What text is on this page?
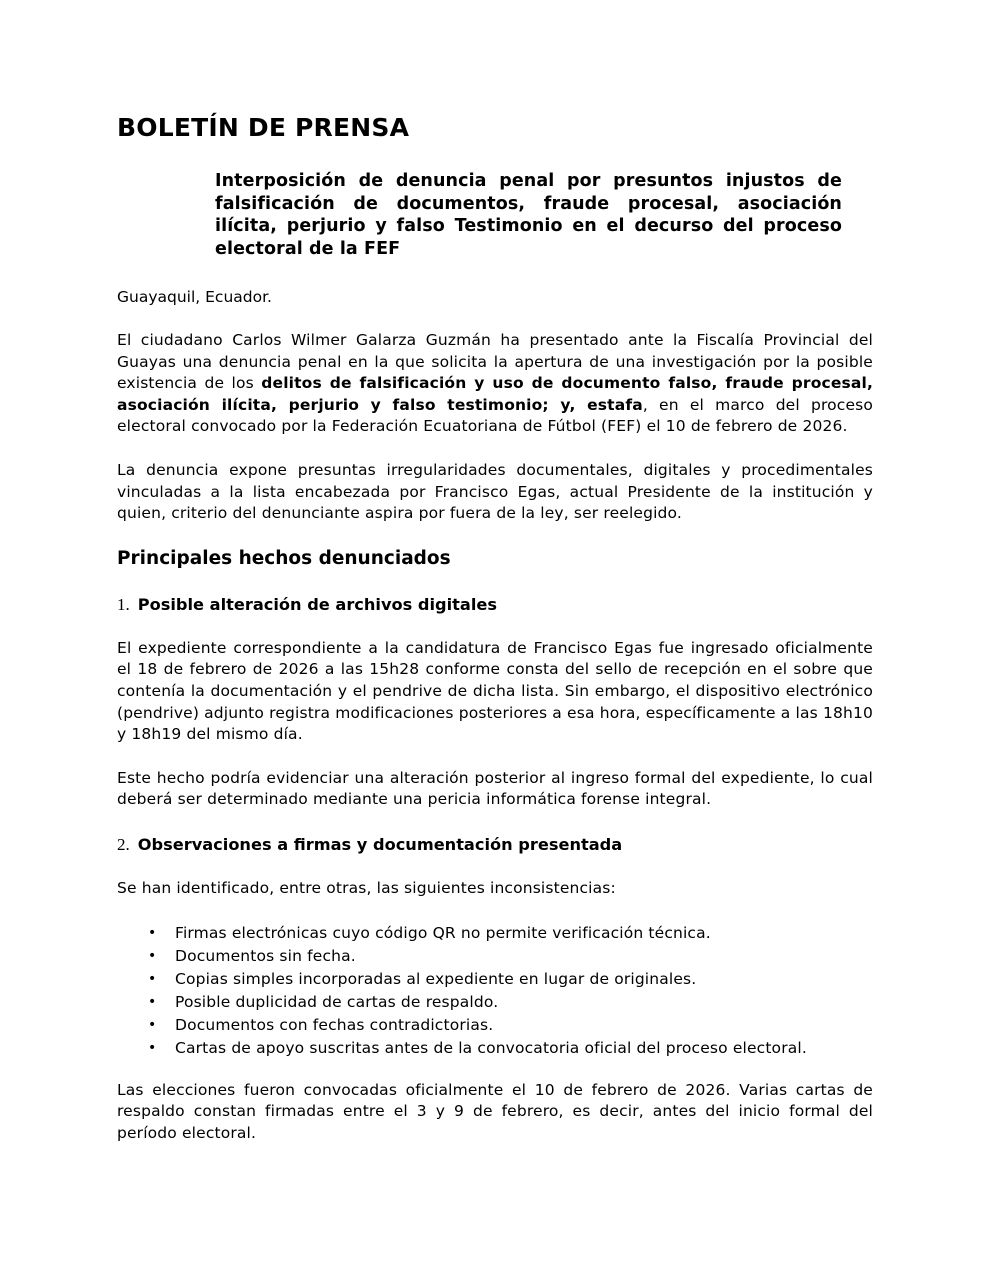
BOLETÍN DE PRENSA

Interposición de denuncia penal por presuntos injustos de falsificación de documentos, fraude procesal, asociación ilícita, perjurio y falso Testimonio en el decurso del proceso electoral de la FEF

Guayaquil, Ecuador.

El ciudadano Carlos Wilmer Galarza Guzmán ha presentado ante la Fiscalía Provincial del Guayas una denuncia penal en la que solicita la apertura de una investigación por la posible existencia de los delitos de falsificación y uso de documento falso, fraude procesal, asociación ilícita, perjurio y falso testimonio; y, estafa, en el marco del proceso electoral convocado por la Federación Ecuatoriana de Fútbol (FEF) el 10 de febrero de 2026.

La denuncia expone presuntas irregularidades documentales, digitales y procedimentales vinculadas a la lista encabezada por Francisco Egas, actual Presidente de la institución y quien, criterio del denunciante aspira por fuera de la ley, ser reelegido.

Principales hechos denunciados
1. Posible alteración de archivos digitales

El expediente correspondiente a la candidatura de Francisco Egas fue ingresado oficialmente el 18 de febrero de 2026 a las 15h28 conforme consta del sello de recepción en el sobre que contenía la documentación y el pendrive de dicha lista. Sin embargo, el dispositivo electrónico (pendrive) adjunto registra modificaciones posteriores a esa hora, específicamente a las 18h10 y 18h19 del mismo día.

Este hecho podría evidenciar una alteración posterior al ingreso formal del expediente, lo cual deberá ser determinado mediante una pericia informática forense integral.

2. Observaciones a firmas y documentación presentada

Se han identificado, entre otras, las siguientes inconsistencias:

• Firmas electrónicas cuyo código QR no permite verificación técnica.
• Documentos sin fecha.
• Copias simples incorporadas al expediente en lugar de originales.
• Posible duplicidad de cartas de respaldo.
• Documentos con fechas contradictorias.
• Cartas de apoyo suscritas antes de la convocatoria oficial del proceso electoral.

Las elecciones fueron convocadas oficialmente el 10 de febrero de 2026. Varias cartas de respaldo constan firmadas entre el 3 y 9 de febrero, es decir, antes del inicio formal del período electoral.
